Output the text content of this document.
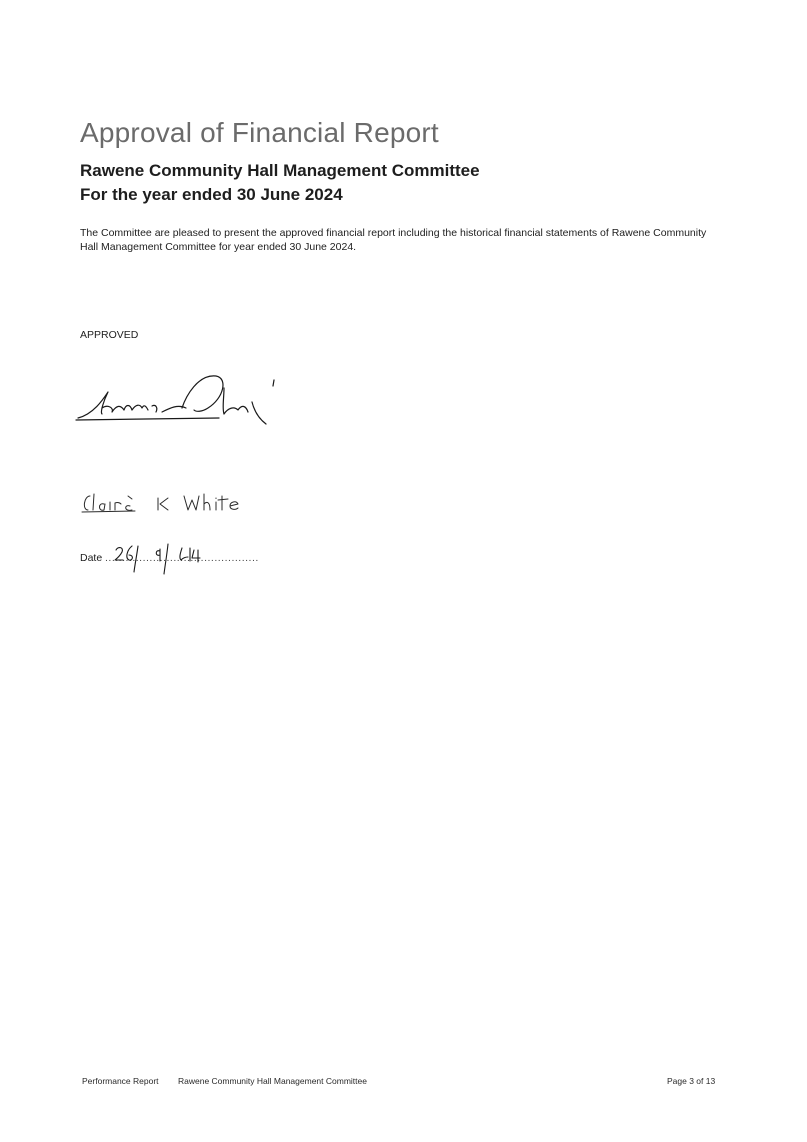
Approval of Financial Report
Rawene Community Hall Management Committee
For the year ended 30 June 2024
The Committee are pleased to present the approved financial report including the historical financial statements of Rawene Community Hall Management Committee for year ended 30 June 2024.
APPROVED
Date .............................................
Performance Report Rawene Community Hall Management Committee	Page 3 of 13
